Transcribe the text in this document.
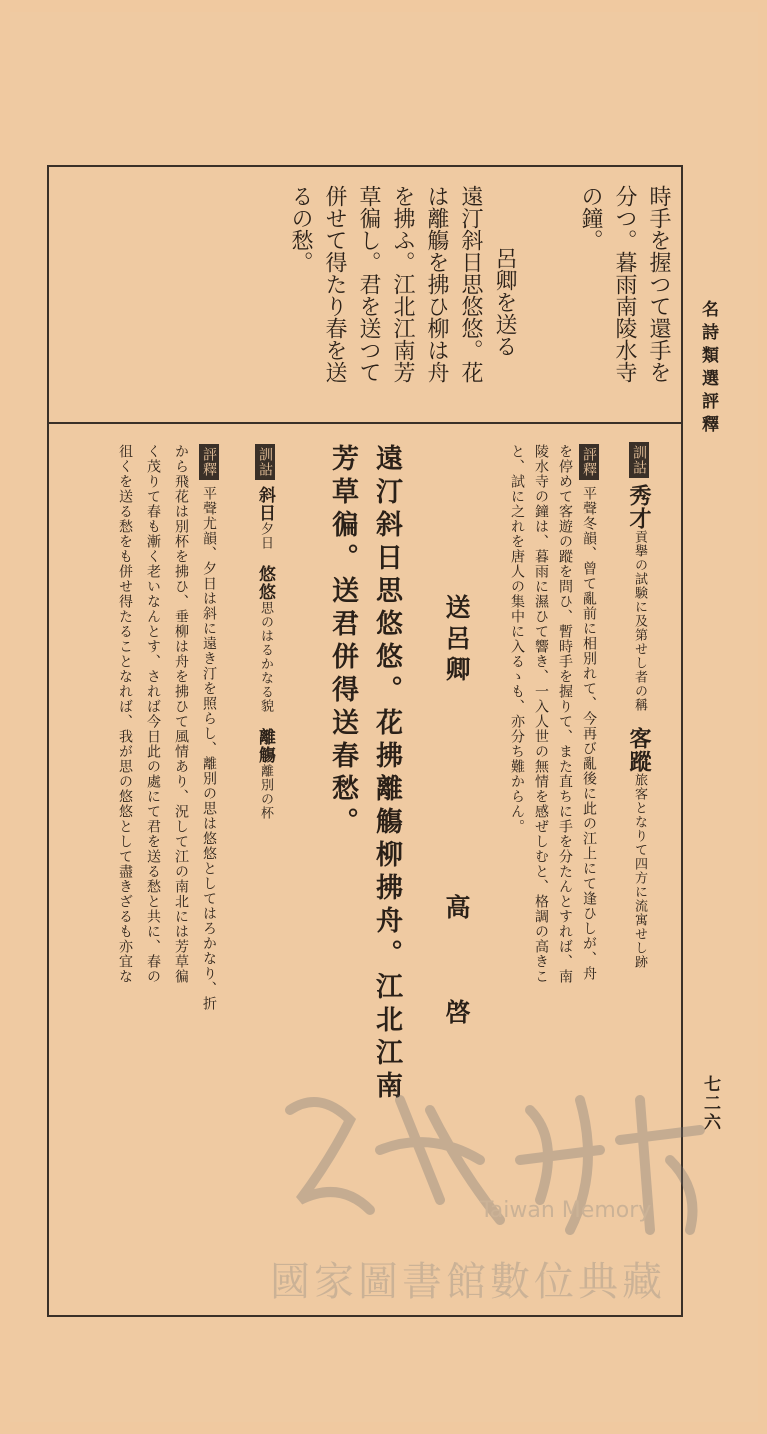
名詩類選評釋
七二六
時手を握つて還手を
分つ。暮雨南陵水寺
の鐘。
呂卿を送る
遠汀斜日思悠悠。花
は離觴を拂ひ柳は舟
を拂ふ。江北江南芳
草徧し。君を送つて
併せて得たり春を送
るの愁。
訓詁秀才貢擧の試験に及第せし者の稱　客蹤旅客となりて四方に流寓せし跡
評釋平聲冬韻、曾て亂前に相別れて、今再び亂後に此の江上にて逢ひしが、舟
を停めて客遊の蹤を問ひ、暫時手を握りて、また直ちに手を分たんとすれば、南
陵水寺の鐘は、暮雨に濕ひて響き、一入人世の無情を感ぜしむと、格調の高きこ
と、試に之れを唐人の集中に入るゝも、亦分ち難からん。
送呂卿
高　　啓
遠汀斜日思悠悠。花拂離觴柳拂舟。江北江南
芳草徧。送君併得送春愁。
訓詁斜日夕日　悠悠思のはるかなる貌　離觴離別の杯
評釋平聲尤韻、夕日は斜に遠き汀を照らし、離別の思は悠悠としてはろかなり、折
から飛花は別杯を拂ひ、垂柳は舟を拂ひて風情あり、況して江の南北には芳草徧
く茂りて春も漸く老いなんとす、されば今日此の處にて君を送る愁と共に、春の
徂くを送る愁をも併せ得たることなれば、我が思の悠悠として盡きざるも亦宜な
Taiwan Memory
國家圖書館數位典藏
